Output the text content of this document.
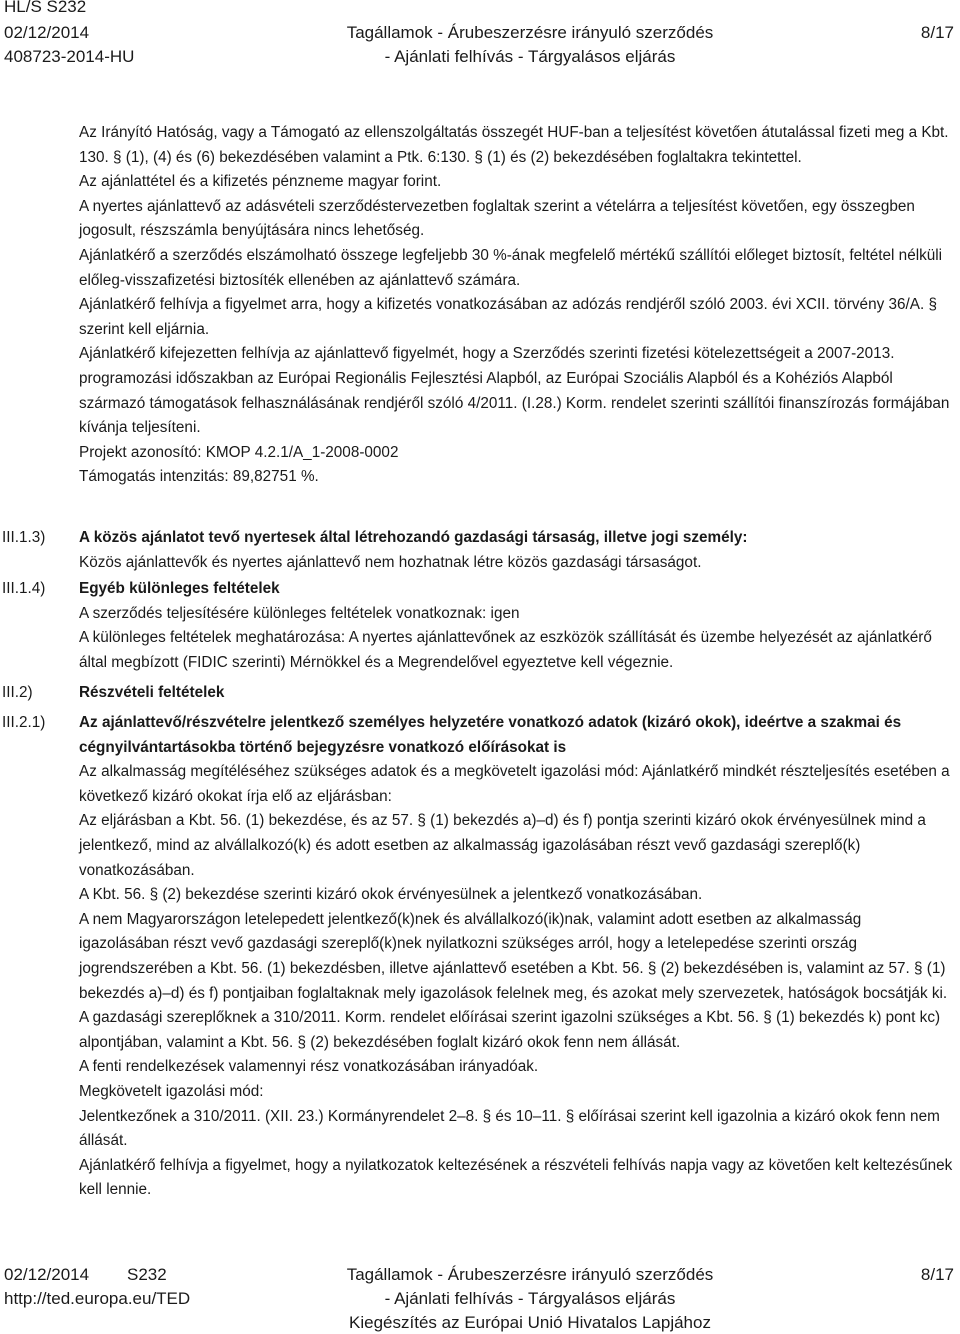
HL/S S232
02/12/2014
408723-2014-HU
Tagállamok - Árubeszerzésre irányuló szerződés
- Ajánlati felhívás - Tárgyalásos eljárás
8/17

Az Irányító Hatóság, vagy a Támogató az ellenszolgáltatás összegét HUF-ban a teljesítést követően átutalással fizeti meg a Kbt. 130. § (1), (4) és (6) bekezdésében valamint a Ptk. 6:130. § (1) és (2) bekezdésében foglaltakra tekintettel.

Az ajánlattétel és a kifizetés pénzneme magyar forint.

A nyertes ajánlattevő az adásvételi szerződéstervezetben foglaltak szerint a vételárra a teljesítést követően, egy összegben jogosult, részszámla benyújtására nincs lehetőség.

Ajánlatkérő a szerződés elszámolható összege legfeljebb 30 %-ának megfelelő mértékű szállítói előleget biztosít, feltétel nélküli előleg-visszafizetési biztosíték ellenében az ajánlattevő számára.

Ajánlatkérő felhívja a figyelmet arra, hogy a kifizetés vonatkozásában az adózás rendjéről szóló 2003. évi XCII. törvény 36/A. § szerint kell eljárnia.

Ajánlatkérő kifejezetten felhívja az ajánlattevő figyelmét, hogy a Szerződés szerinti fizetési kötelezettségeit a 2007-2013. programozási időszakban az Európai Regionális Fejlesztési Alapból, az Európai Szociális Alapból és a Kohéziós Alapból származó támogatások felhasználásának rendjéről szóló 4/2011. (I.28.) Korm. rendelet szerinti szállítói finanszírozás formájában kívánja teljesíteni.

Projekt azonosító: KMOP 4.2.1/A_1-2008-0002

Támogatás intenzitás: 89,82751 %.

III.1.3) A közös ajánlatot tevő nyertesek által létrehozandó gazdasági társaság, illetve jogi személy:

Közös ajánlattevők és nyertes ajánlattevő nem hozhatnak létre közös gazdasági társaságot.

III.1.4) Egyéb különleges feltételek

A szerződés teljesítésére különleges feltételek vonatkoznak: igen

A különleges feltételek meghatározása: A nyertes ajánlattevőnek az eszközök szállítását és üzembe helyezését az ajánlatkérő által megbízott (FIDIC szerinti) Mérnökkel és a Megrendelővel egyeztetve kell végeznie.

III.2)	Részvételi feltételek

III.2.1) Az ajánlattevő/részvételre jelentkező személyes helyzetére vonatkozó adatok (kizáró okok), ideértve a szakmai és cégnyilvántartásokba történő bejegyzésre vonatkozó előírásokat is

Az alkalmasság megítéléséhez szükséges adatok és a megkövetelt igazolási mód: Ajánlatkérő mindkét részteljesítés esetében a következő kizáró okokat írja elő az eljárásban:

Az eljárásban a Kbt. 56. (1) bekezdése, és az 57. § (1) bekezdés a)–d) és f) pontja szerinti kizáró okok érvényesülnek mind a jelentkező, mind az alvállalkozó(k) és adott esetben az alkalmasság igazolásában részt vevő gazdasági szereplő(k) vonatkozásában.

A Kbt. 56. § (2) bekezdése szerinti kizáró okok érvényesülnek a jelentkező vonatkozásában.

A nem Magyarországon letelepedett jelentkező(k)nek és alvállalkozó(ik)nak, valamint adott esetben az alkalmasság igazolásában részt vevő gazdasági szereplő(k)nek nyilatkozni szükséges arról, hogy a letelepedése szerinti ország jogrendszerében a Kbt. 56. (1) bekezdésben, illetve ajánlattevő esetében a Kbt. 56. § (2) bekezdésében is, valamint az 57. § (1) bekezdés a)–d) és f) pontjaiban foglaltaknak mely igazolások felelnek meg, és azokat mely szervezetek, hatóságok bocsátják ki.

A gazdasági szereplőknek a 310/2011. Korm. rendelet előírásai szerint igazolni szükséges a Kbt. 56. § (1) bekezdés k) pont kc) alpontjában, valamint a Kbt. 56. § (2) bekezdésében foglalt kizáró okok fenn nem állását.

A fenti rendelkezések valamennyi rész vonatkozásában irányadóak.

Megkövetelt igazolási mód:

Jelentkezőnek a 310/2011. (XII. 23.) Kormányrendelet 2–8. § és 10–11. § előírásai szerint kell igazolnia a kizáró okok fenn nem állását.

Ajánlatkérő felhívja a figyelmet, hogy a nyilatkozatok keltezésének a részvételi felhívás napja vagy az követően kelt keltezésűnek kell lennie.

02/12/2014 S232
http://ted.europa.eu/TED
Tagállamok - Árubeszerzésre irányuló szerződés
- Ajánlati felhívás - Tárgyalásos eljárás
Kiegészítés az Európai Unió Hivatalos Lapjához
8/17
